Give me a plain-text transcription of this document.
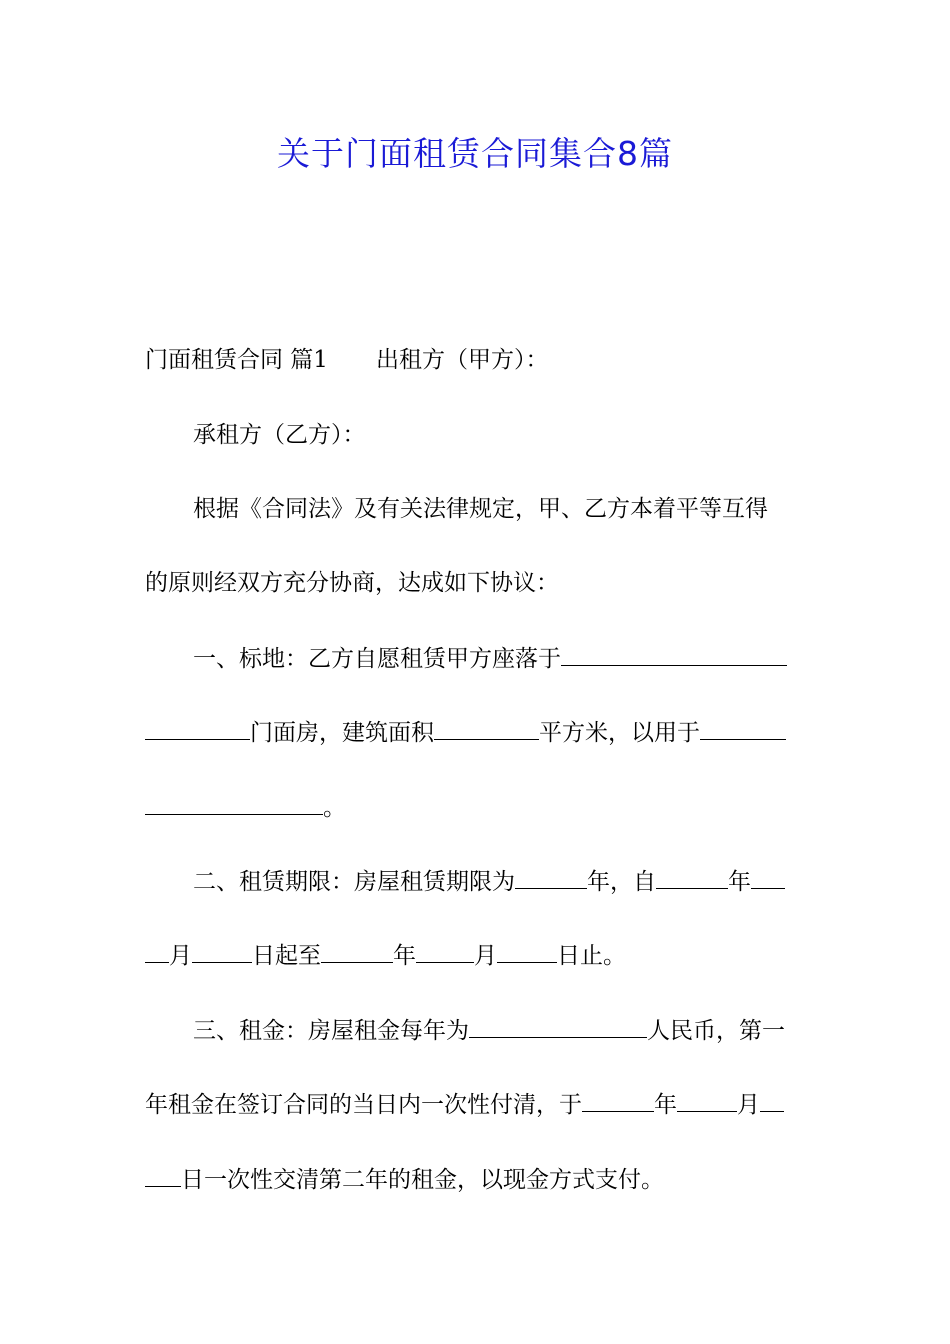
关于门面租赁合同集合8篇
门面租赁合同 篇1 出租方（甲方）：
承租方（乙方）：
根据《合同法》及有关法律规定，甲、乙方本着平等互得
的原则经双方充分协商，达成如下协议：
一、标地：乙方自愿租赁甲方座落于
门面房，建筑面积	平方米，以用于
。
二、租赁期限：房屋租赁期限为	年，自	年
月	日起至	年	月	日止。
三、租金：房屋租金每年为	人民币，第一
年租金在签订合同的当日内一次性付清，于	年	月
日一次性交清第二年的租金，以现金方式支付。
